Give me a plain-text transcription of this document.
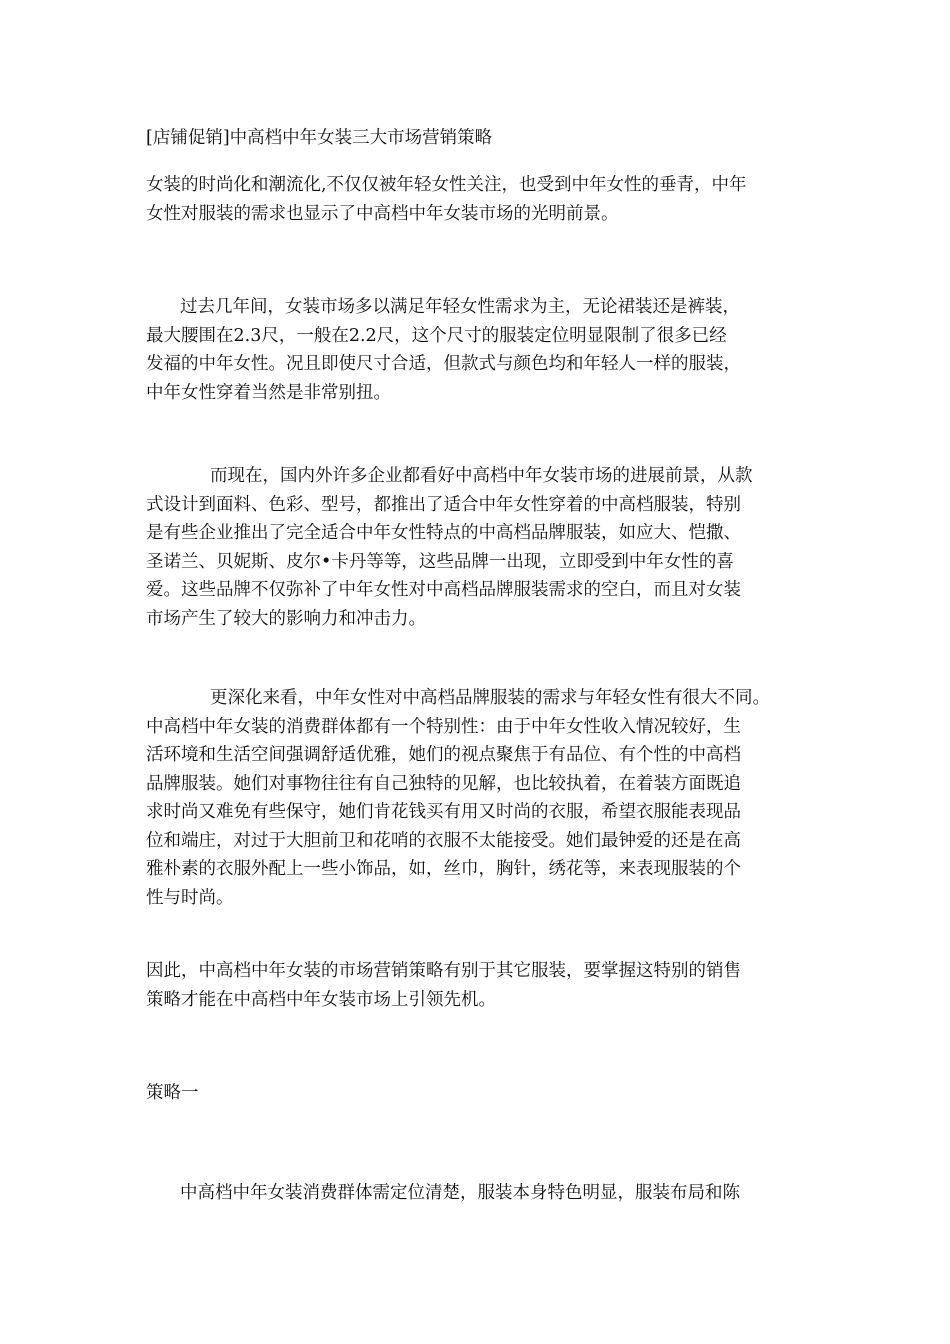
[店铺促销]中高档中年女装三大市场营销策略

女装的时尚化和潮流化,不仅仅被年轻女性关注，也受到中年女性的垂青，中年
女性对服装的需求也显示了中高档中年女装市场的光明前景。

过去几年间，女装市场多以满足年轻女性需求为主，无论裙装还是裤装，
最大腰围在2.3尺，一般在2.2尺，这个尺寸的服装定位明显限制了很多已经
发福的中年女性。况且即使尺寸合适，但款式与颜色均和年轻人一样的服装，
中年女性穿着当然是非常别扭。

而现在，国内外许多企业都看好中高档中年女装市场的进展前景，从款
式设计到面料、色彩、型号，都推出了适合中年女性穿着的中高档服装，特别
是有些企业推出了完全适合中年女性特点的中高档品牌服装，如应大、恺撒、
圣诺兰、贝妮斯、皮尔•卡丹等等，这些品牌一出现，立即受到中年女性的喜
爱。这些品牌不仅弥补了中年女性对中高档品牌服装需求的空白，而且对女装
市场产生了较大的影响力和冲击力。

更深化来看，中年女性对中高档品牌服装的需求与年轻女性有很大不同。
中高档中年女装的消费群体都有一个特别性：由于中年女性收入情况较好，生
活环境和生活空间强调舒适优雅，她们的视点聚焦于有品位、有个性的中高档
品牌服装。她们对事物往往有自己独特的见解，也比较执着，在着装方面既追
求时尚又难免有些保守，她们肯花钱买有用又时尚的衣服，希望衣服能表现品
位和端庄，对过于大胆前卫和花哨的衣服不太能接受。她们最钟爱的还是在高
雅朴素的衣服外配上一些小饰品，如，丝巾，胸针，绣花等，来表现服装的个
性与时尚。

因此，中高档中年女装的市场营销策略有别于其它服装，要掌握这特别的销售
策略才能在中高档中年女装市场上引领先机。

策略一

中高档中年女装消费群体需定位清楚，服装本身特色明显，服装布局和陈
